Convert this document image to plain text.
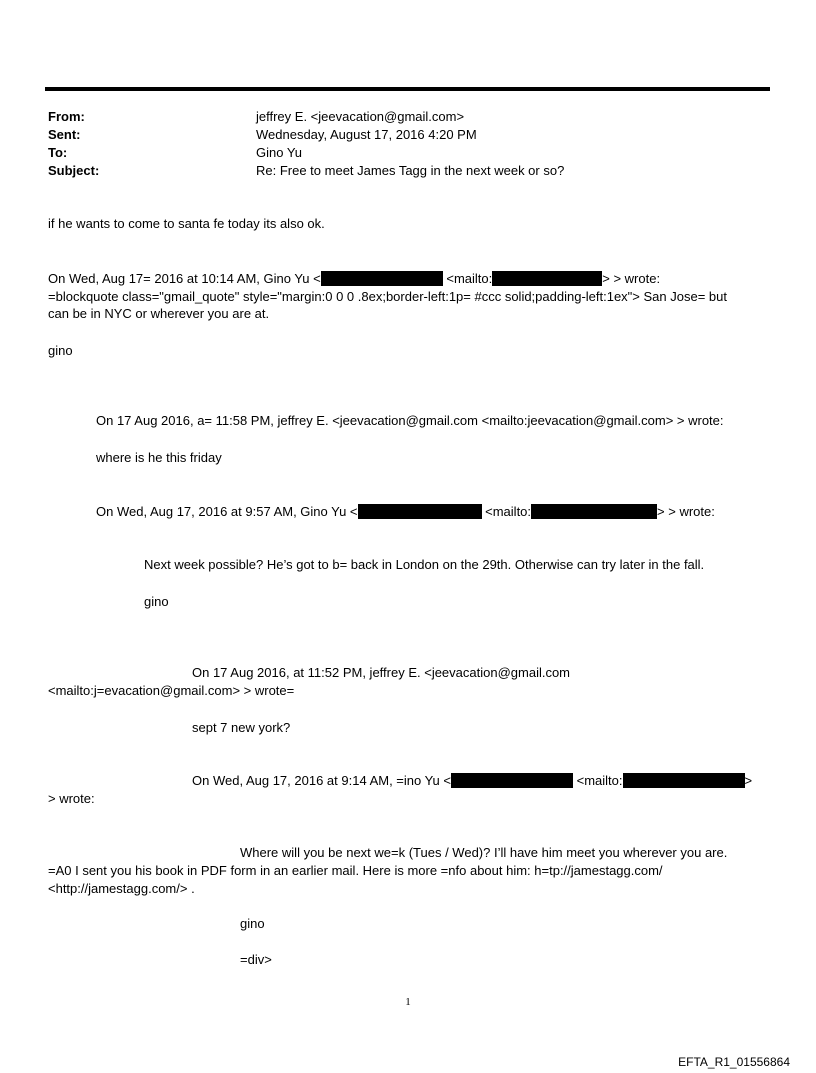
From:	jeffrey E. <jeevacation@gmail.com>
Sent:	Wednesday, August 17, 2016 4:20 PM
To:	Gino Yu
Subject:	Re: Free to meet James Tagg in the next week or so?
if he wants to come to santa fe today its also ok.
On Wed, Aug 17= 2016 at 10:14 AM, Gino Yu <	<mailto:	> > wrote:
=blockquote class="gmail_quote" style="margin:0 0 0 .8ex;border-left:1p= #ccc solid;padding-left:1ex"> San Jose= but
can be in NYC or wherever you are at.
gino
On 17 Aug 2016, a= 11:58 PM, jeffrey E. <jeevacation@gmail.com <mailto:jeevacation@gmail.com> > wrote:
where is he this friday
On Wed, Aug 17, 2016 at 9:57 AM, Gino Yu <	<mailto:	> > wrote:
Next week possible? He’s got to b= back in London on the 29th. Otherwise can try later in the fall.
gino
On 17 Aug 2016, at 11:52 PM, jeffrey E. <jeevacation@gmail.com
<mailto:j=evacation@gmail.com> > wrote=
sept 7 new york?
On Wed, Aug 17, 2016 at 9:14 AM, =ino Yu <	<mailto:	>
> wrote:
Where will you be next we=k (Tues / Wed)? I’ll have him meet you wherever you are.
=A0 I sent you his book in PDF form in an earlier mail. Here is more =nfo about him: h=tp://jamestagg.com/
<http://jamestagg.com/> .
gino
=div>
1
EFTA_R1_01556864
